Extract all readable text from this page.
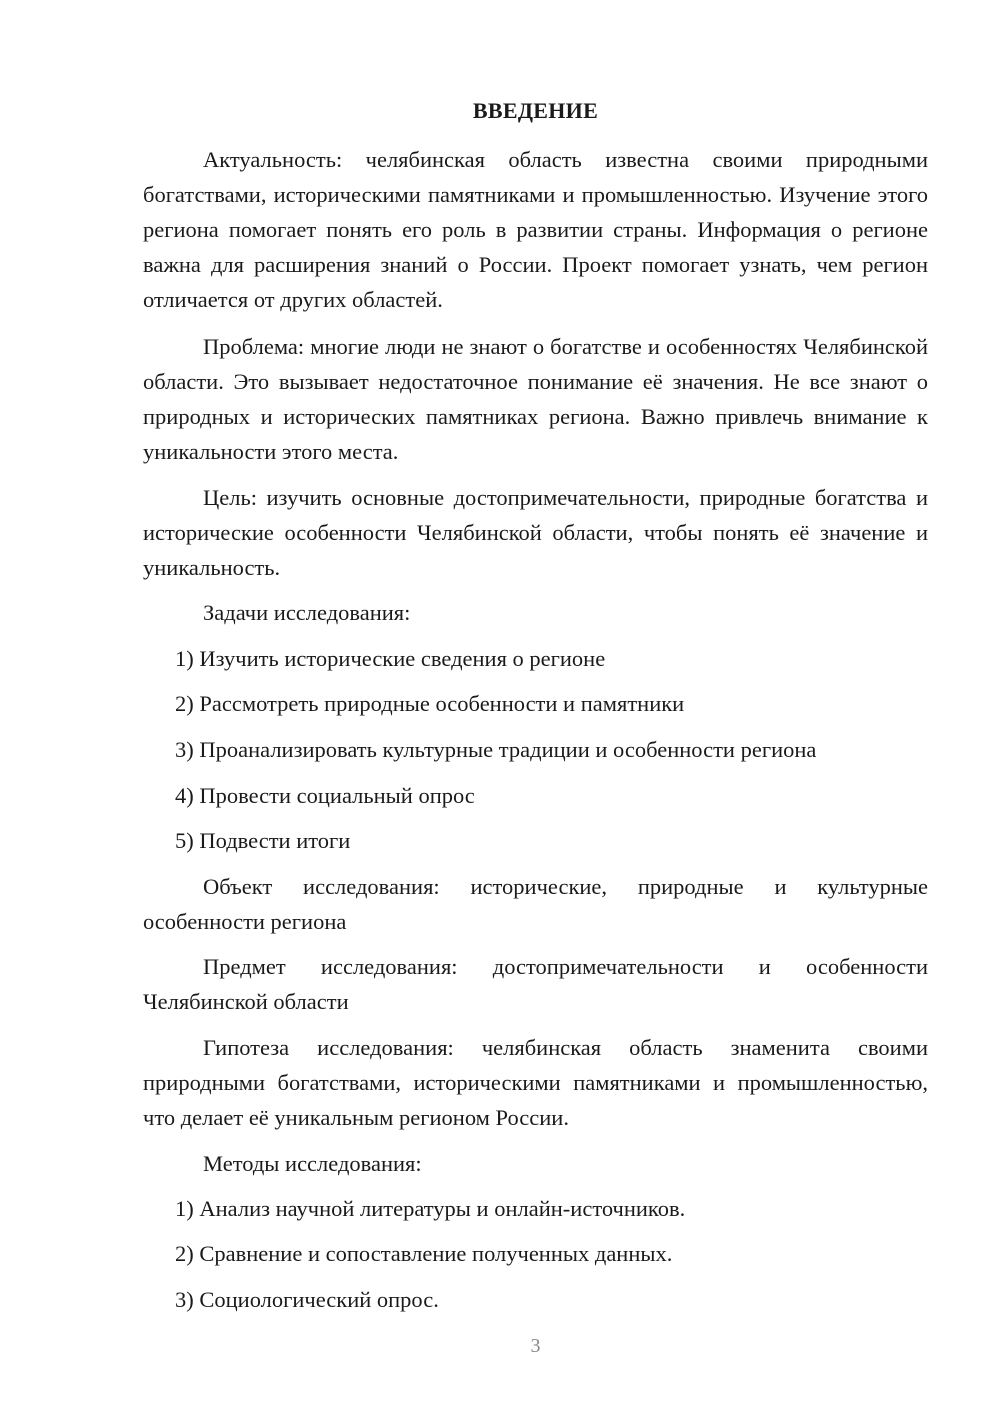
ВВЕДЕНИЕ
Актуальность: челябинская область известна своими природными богатствами, историческими памятниками и промышленностью. Изучение этого региона помогает понять его роль в развитии страны. Информация о регионе важна для расширения знаний о России. Проект помогает узнать, чем регион отличается от других областей.
Проблема: многие люди не знают о богатстве и особенностях Челябинской области. Это вызывает недостаточное понимание её значения. Не все знают о природных и исторических памятниках региона. Важно привлечь внимание к уникальности этого места.
Цель: изучить основные достопримечательности, природные богатства и исторические особенности Челябинской области, чтобы понять её значение и уникальность.
Задачи исследования:
1) Изучить исторические сведения о регионе
2) Рассмотреть природные особенности и памятники
3) Проанализировать культурные традиции и особенности региона
4) Провести социальный опрос
5) Подвести итоги
Объект исследования: исторические, природные и культурные особенности региона
Предмет исследования: достопримечательности и особенности Челябинской области
Гипотеза исследования: челябинская область знаменита своими природными богатствами, историческими памятниками и промышленностью, что делает её уникальным регионом России.
Методы исследования:
1) Анализ научной литературы и онлайн-источников.
2) Сравнение и сопоставление полученных данных.
3) Социологический опрос.
3
